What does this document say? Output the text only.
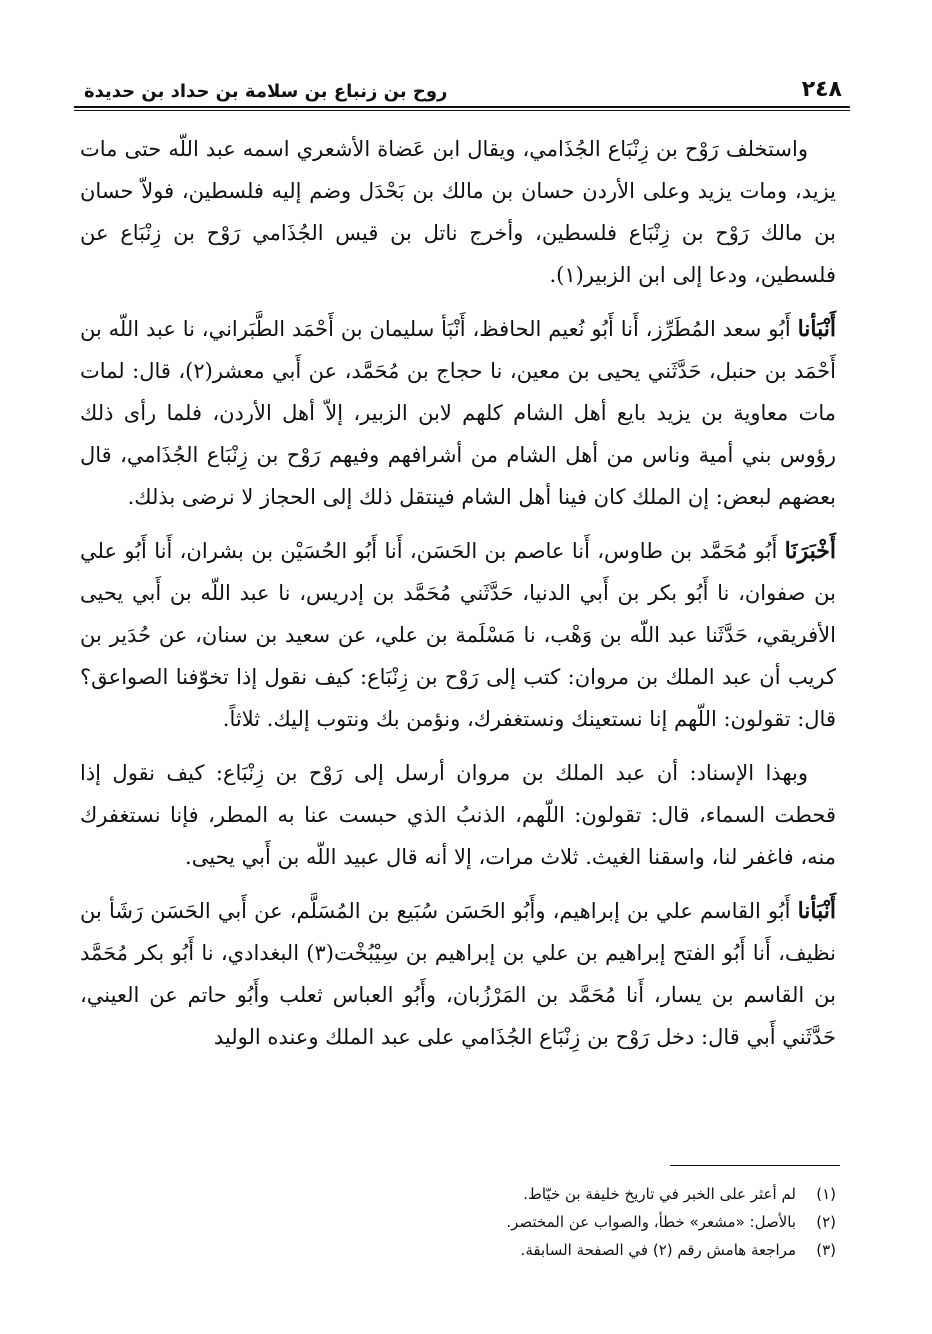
٢٤٨
روح بن زنباع بن سلامة بن حداد بن حديدة

واستخلف رَوْح بن زِنْبَاع الجُذَامي، ويقال ابن عَضاة الأشعري اسمه عبد اللّه حتى مات يزيد، ومات يزيد وعلى الأردن حسان بن مالك بن بَحْدَل وضم إليه فلسطين، فولاّ حسان بن مالك رَوْح بن زِنْبَاع فلسطين، وأخرج ناتل بن قيس الجُذَامي رَوْح بن زِنْبَاع عن فلسطين، ودعا إلى ابن الزبير(١).

أَنْبَأنا أَبُو سعد المُطَرِّز، أَنا أَبُو نُعيم الحافظ، أَنْبَأ سليمان بن أَحْمَد الطَّبَراني، نا عبد اللّه بن أَحْمَد بن حنبل، حَدَّثَني يحيى بن معين، نا حجاج بن مُحَمَّد، عن أَبي معشر(٢)، قال: لمات مات معاوية بن يزيد بايع أهل الشام كلهم لابن الزبير، إلاّ أهل الأردن، فلما رأى ذلك رؤوس بني أمية وناس من أهل الشام من أشرافهم وفيهم رَوْح بن زِنْبَاع الجُذَامي، قال بعضهم لبعض: إن الملك كان فينا أهل الشام فينتقل ذلك إلى الحجاز لا نرضى بذلك.

أَخْبَرَنَا أَبُو مُحَمَّد بن طاوس، أَنا عاصم بن الحَسَن، أَنا أَبُو الحُسَيْن بن بشران، أَنا أَبُو علي بن صفوان، نا أَبُو بكر بن أَبي الدنيا، حَدَّثَني مُحَمَّد بن إدريس، نا عبد اللّه بن أَبي يحيى الأفريقي، حَدَّثَنا عبد اللّه بن وَهْب، نا مَسْلَمة بن علي، عن سعيد بن سنان، عن حُدَير بن كريب أن عبد الملك بن مروان: كتب إلى رَوْح بن زِنْبَاع: كيف نقول إذا تخوّفنا الصواعق؟ قال: تقولون: اللّهم إنا نستعينك ونستغفرك، ونؤمن بك ونتوب إليك. ثلاثاً.

وبهذا الإسناد: أن عبد الملك بن مروان أرسل إلى رَوْح بن زِنْبَاع: كيف نقول إذا قحطت السماء، قال: تقولون: اللّهم، الذنبُ الذي حبست عنا به المطر، فإنا نستغفرك منه، فاغفر لنا، واسقنا الغيث. ثلاث مرات، إلا أنه قال عبيد اللّه بن أَبي يحيى.

أَنْبَأنا أَبُو القاسم علي بن إبراهيم، وأَبُو الحَسَن سُبَيع بن المُسَلَّم، عن أَبي الحَسَن رَشَأ بن نظيف، أَنا أَبُو الفتح إبراهيم بن علي بن إبراهيم بن سِيْبُخْت(٣) البغدادي، نا أَبُو بكر مُحَمَّد بن القاسم بن يسار، أَنا مُحَمَّد بن المَرْزُبان، وأَبُو العباس ثعلب وأَبُو حاتم عن العيني، حَدَّثَني أَبي قال: دخل رَوْح بن زِنْبَاع الجُذَامي على عبد الملك وعنده الوليد

(١)
لم أعثر على الخبر في تاريخ خليفة بن خيّاط.
(٢)
بالأصل: «مشعر» خطأ، والصواب عن المختصر.
(٣)
مراجعة هامش رقم (٢) في الصفحة السابقة.
